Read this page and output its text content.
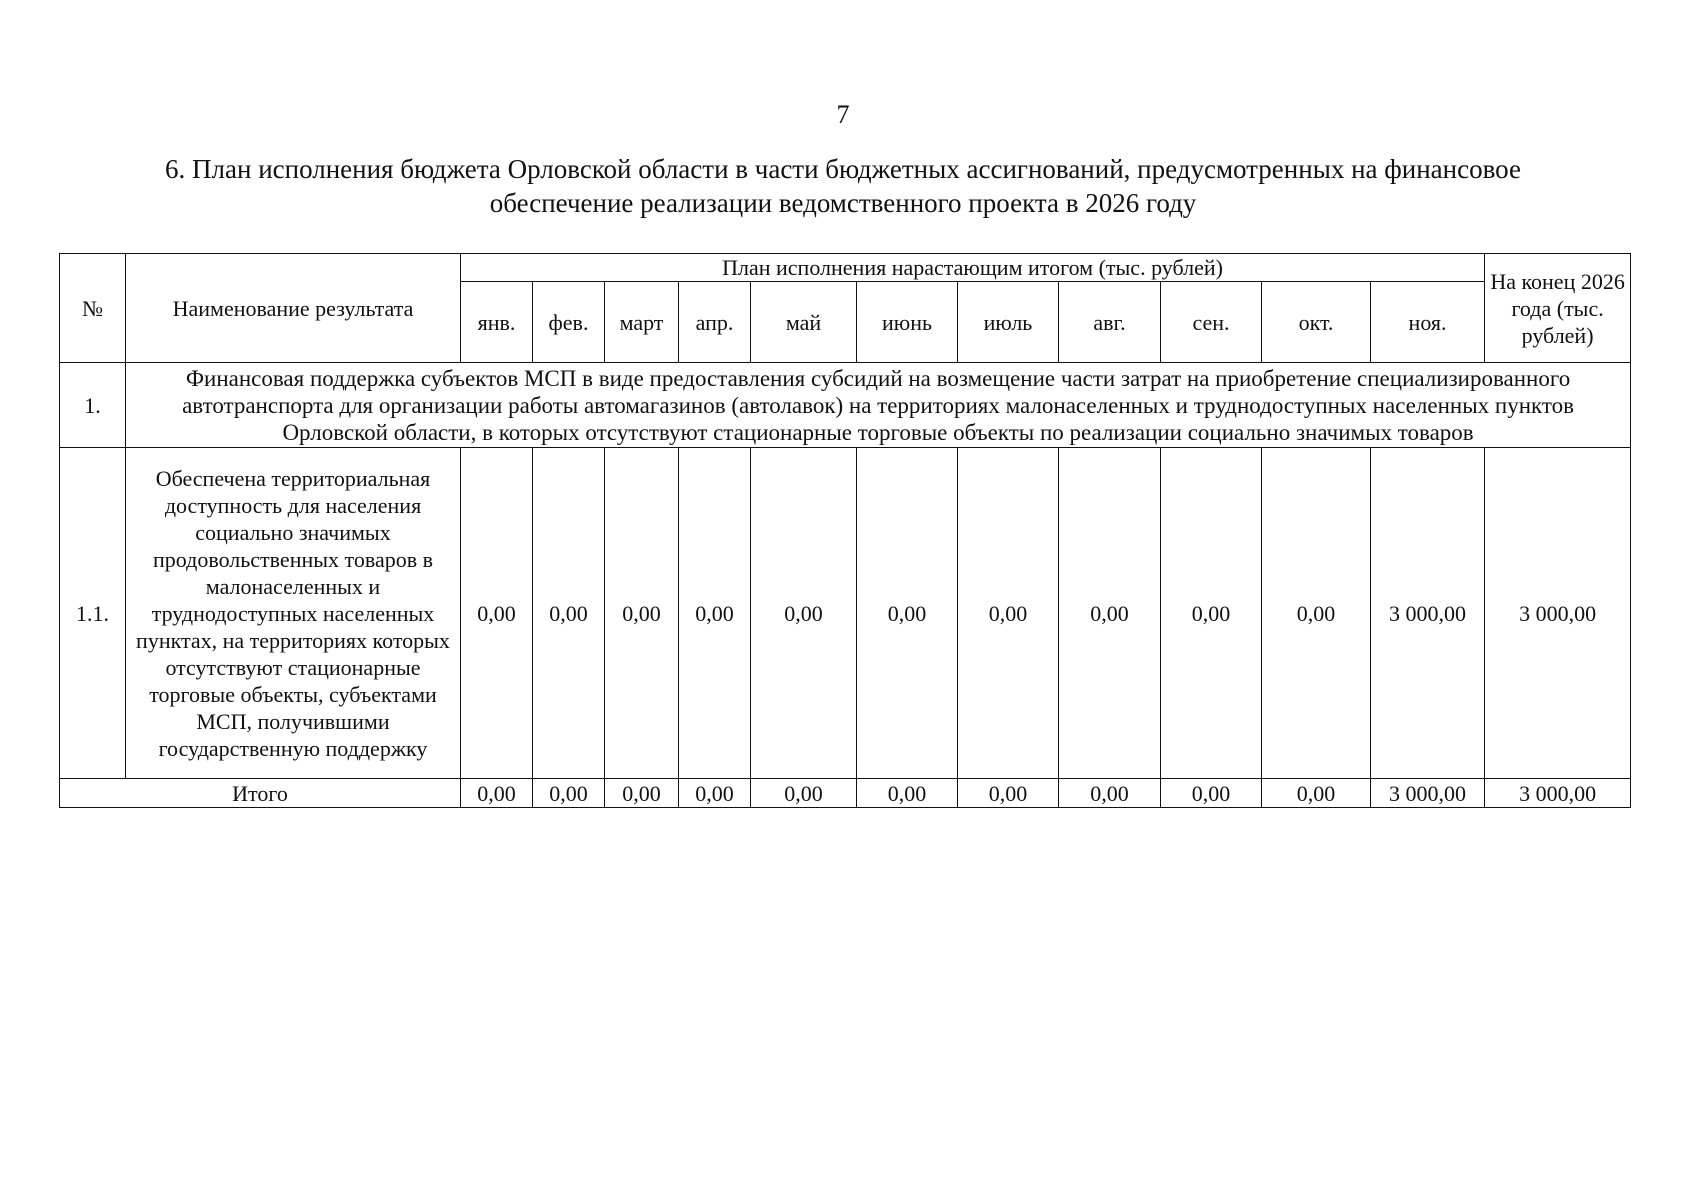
7
6. План исполнения бюджета Орловской области в части бюджетных ассигнований, предусмотренных на финансовое
обеспечение реализации ведомственного проекта в 2026 году
№	Наименование результата	План исполнения нарастающим итогом (тыс. рублей)											На конец 2026 года (тыс. рублей)
		янв.	фев.	март	апр.	май	июнь	июль	авг.	сен.	окт.	ноя.	
1.	Финансовая поддержка субъектов МСП в виде предоставления субсидий на возмещение части затрат на приобретение специализированного автотранспорта для организации работы автомагазинов (автолавок) на территориях малонаселенных и труднодоступных населенных пунктов Орловской области, в которых отсутствуют стационарные торговые объекты по реализации социально значимых товаров												
1.1.	Обеспечена территориальная доступность для населения социально значимых продовольственных товаров в малонаселенных и труднодоступных населенных пунктах, на территориях которых отсутствуют стационарные торговые объекты, субъектами МСП, получившими государственную поддержку	0,00	0,00	0,00	0,00	0,00	0,00	0,00	0,00	0,00	0,00	3 000,00	3 000,00
Итого		0,00	0,00	0,00	0,00	0,00	0,00	0,00	0,00	0,00	0,00	3 000,00	3 000,00
